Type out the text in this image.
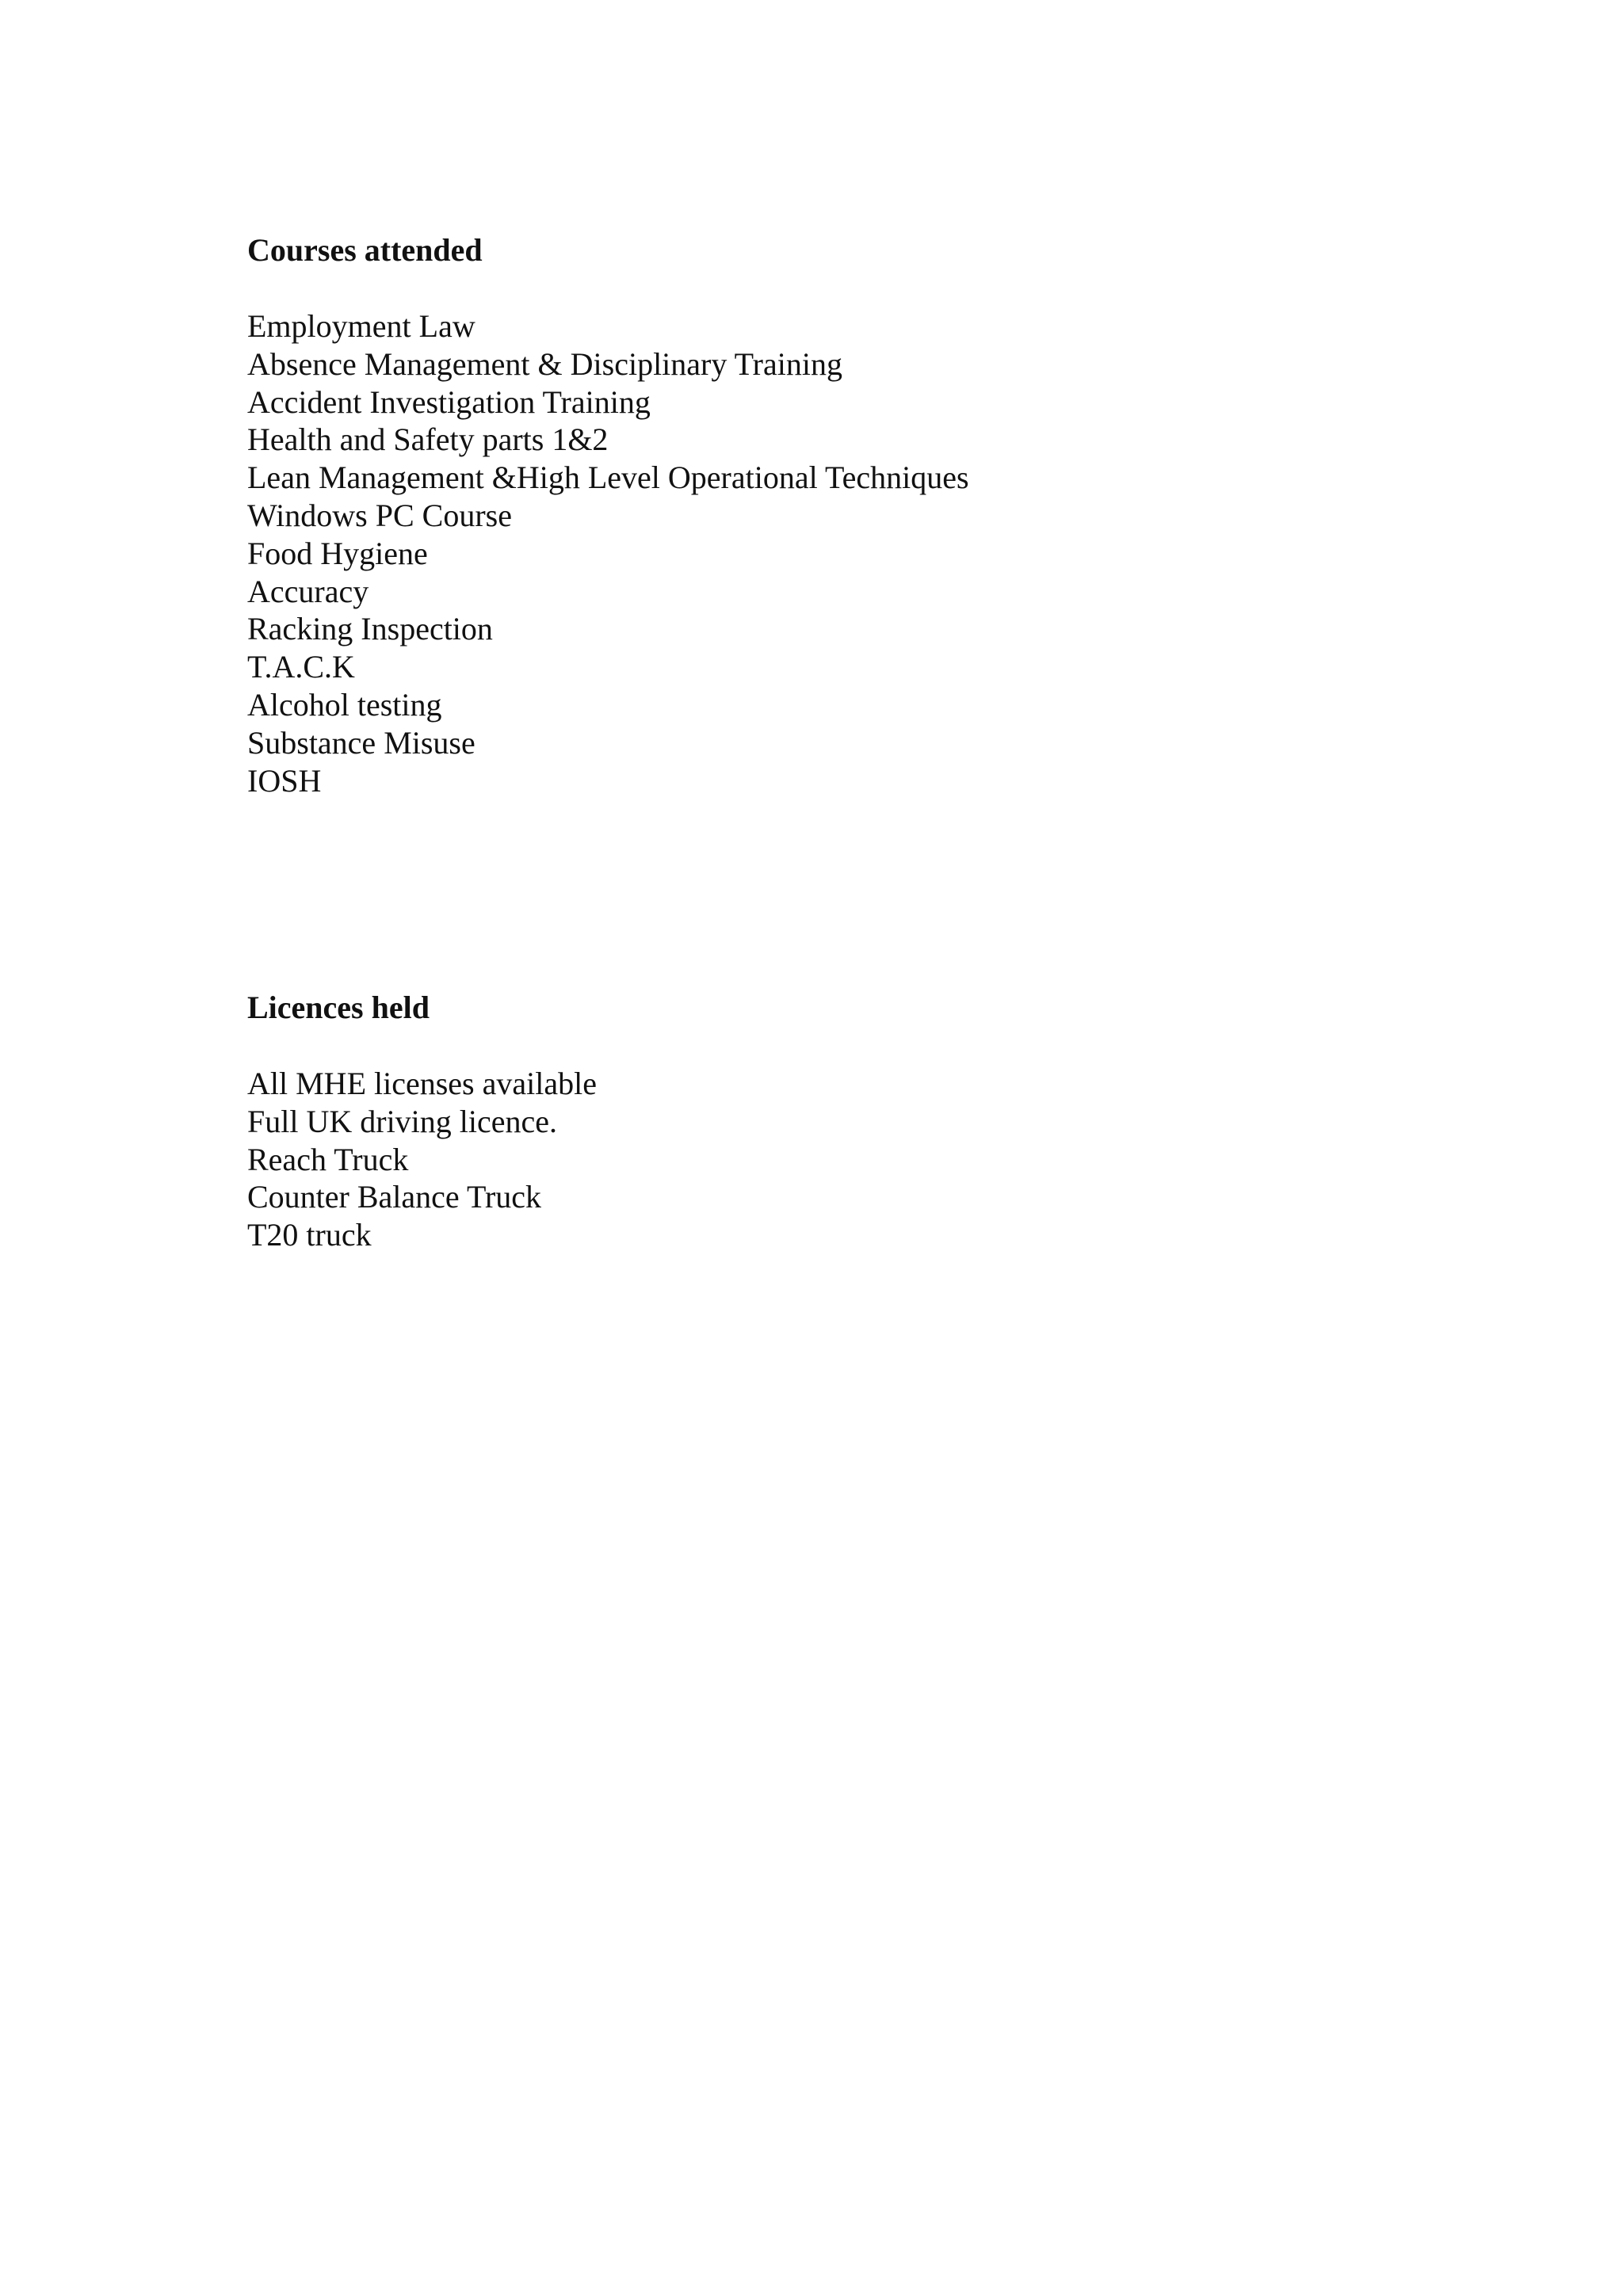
Courses attended
Employment Law
Absence Management & Disciplinary Training
Accident Investigation Training
Health and Safety parts 1&2
Lean Management &High Level Operational Techniques
Windows PC Course
Food Hygiene
Accuracy
Racking Inspection
T.A.C.K
Alcohol testing
Substance Misuse
IOSH
Licences held
All MHE licenses available
Full UK driving licence.
Reach Truck
Counter Balance Truck
T20 truck
